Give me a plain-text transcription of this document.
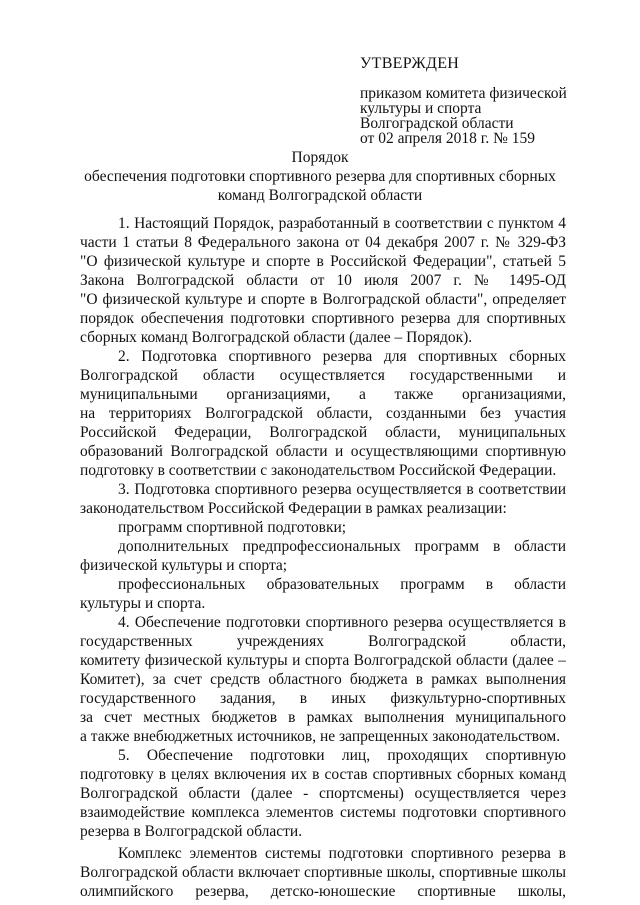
УТВЕРЖДЕН
приказом комитета физической
культуры и спорта
Волгоградской области
от 02 апреля 2018 г. № 159
Порядок
обеспечения подготовки спортивного резерва для спортивных сборных
команд Волгоградской области
1. Настоящий Порядок, разработанный в соответствии с пунктом 4
части 1 статьи 8 Федерального закона от 04 декабря 2007 г. № 329-ФЗ
"О физической культуре и спорте в Российской Федерации", статьей 5
Закона Волгоградской области от 10 июля 2007 г. № 1495-ОД
"О физической культуре и спорте в Волгоградской области", определяет
порядок обеспечения подготовки спортивного резерва для спортивных
сборных команд Волгоградской области (далее – Порядок).
2. Подготовка спортивного резерва для спортивных сборных
Волгоградской области осуществляется государственными и
муниципальными организациями, а также организациями,
на территориях Волгоградской области, созданными без участия
Российской Федерации, Волгоградской области, муниципальных
образований Волгоградской области и осуществляющими спортивную
подготовку в соответствии с законодательством Российской Федерации.
3. Подготовка спортивного резерва осуществляется в соответствии
законодательством Российской Федерации в рамках реализации:
программ спортивной подготовки;
дополнительных предпрофессиональных программ в области
физической культуры и спорта;
профессиональных образовательных программ в области
культуры и спорта.
4. Обеспечение подготовки спортивного резерва осуществляется в
государственных учреждениях Волгоградской области,
комитету физической культуры и спорта Волгоградской области (далее –
Комитет), за счет средств областного бюджета в рамках выполнения
государственного задания, в иных физкультурно-спортивных
за счет местных бюджетов в рамках выполнения муниципального
а также внебюджетных источников, не запрещенных законодательством.
5. Обеспечение подготовки лиц, проходящих спортивную
подготовку в целях включения их в состав спортивных сборных команд
Волгоградской области (далее - спортсмены) осуществляется через
взаимодействие комплекса элементов системы подготовки спортивного
резерва в Волгоградской области.
Комплекс элементов системы подготовки спортивного резерва в
Волгоградской области включает спортивные школы, спортивные школы
олимпийского резерва, детско-юношеские спортивные школы,
